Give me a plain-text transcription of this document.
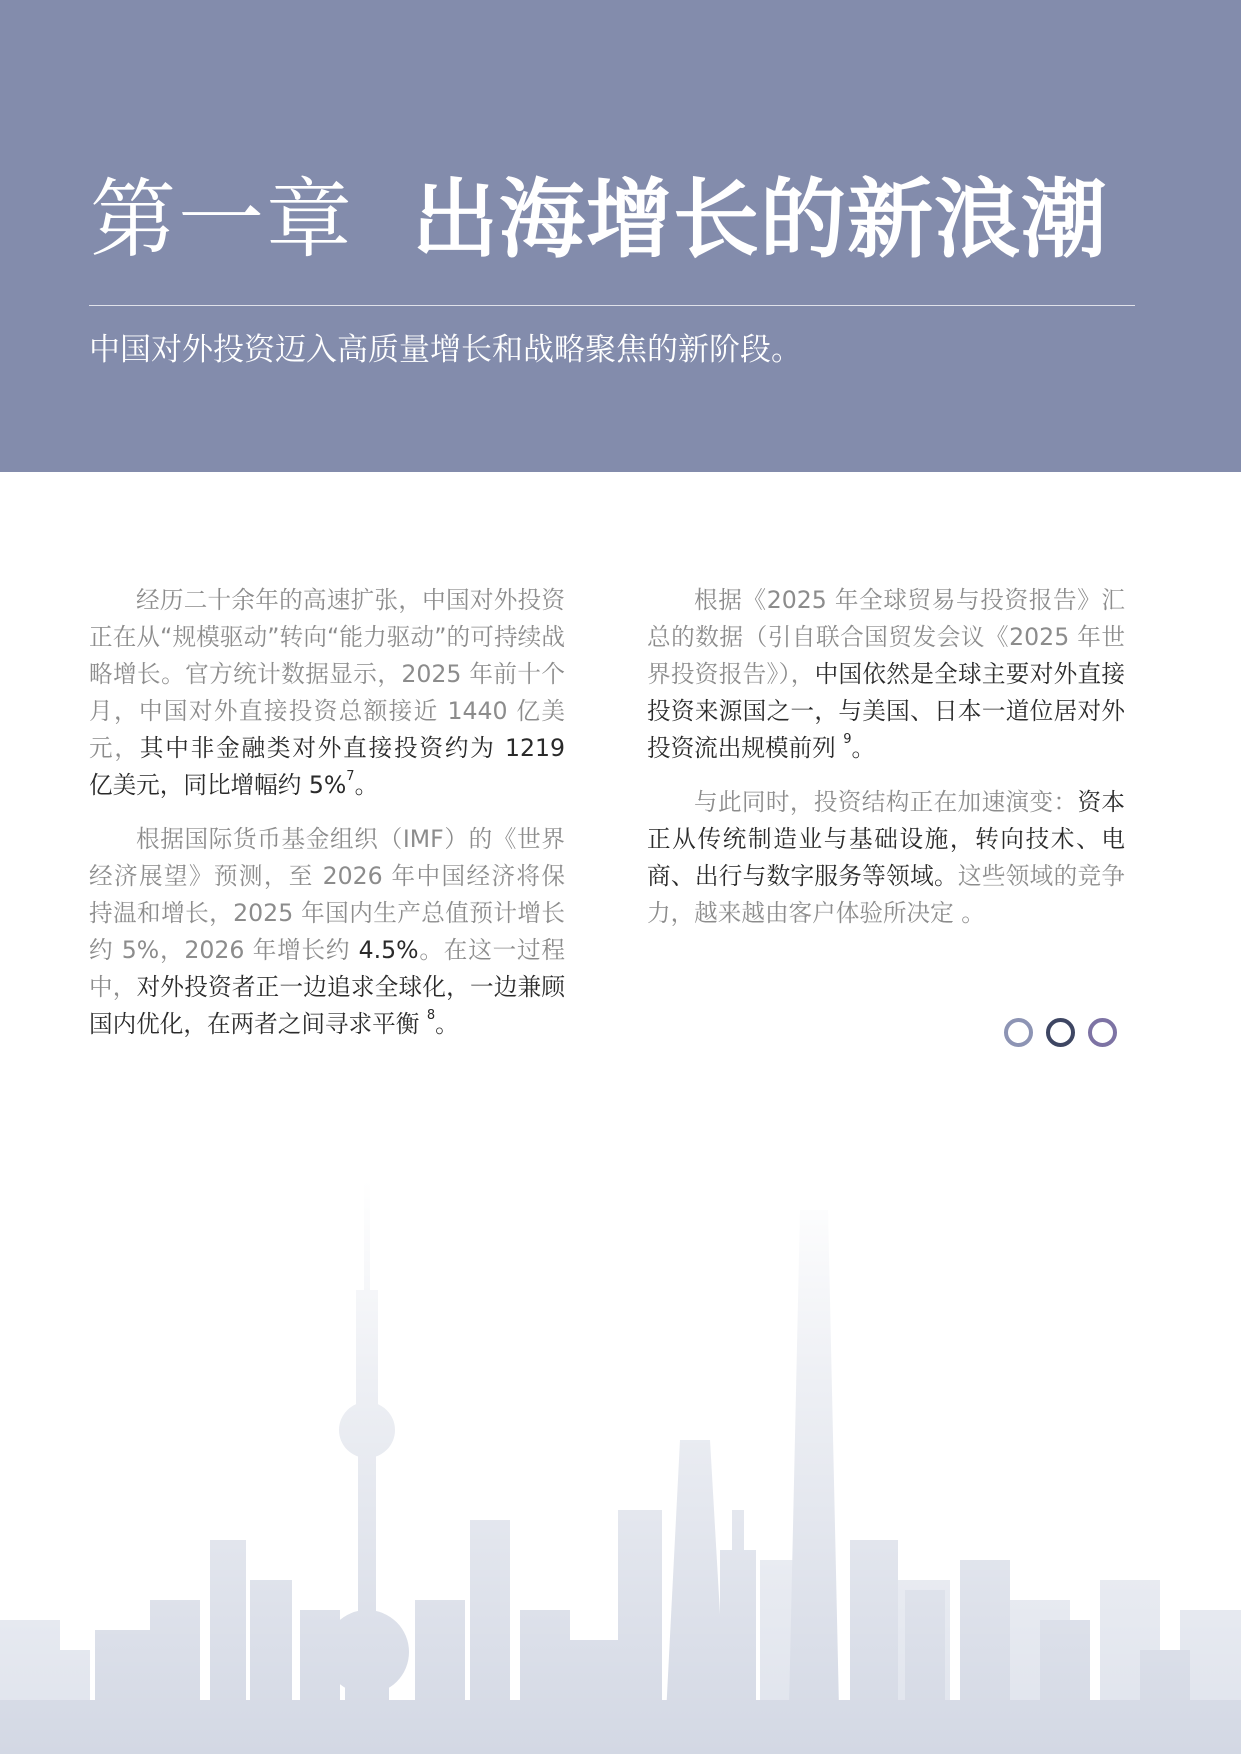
第一章 出海增长的新浪潮

中国对外投资迈入高质量增长和战略聚焦的新阶段。

经历二十余年的高速扩张，中国对外投资正在从“规模驱动”转向“能力驱动”的可持续战略增长。官方统计数据显示，2025 年前十个月，中国对外直接投资总额接近 1440 亿美元，其中非金融类对外直接投资约为 1219 亿美元，同比增幅约 5%$^7$。

根据国际货币基金组织（IMF）的《世界经济展望》预测，至 2026 年中国经济将保持温和增长，2025 年国内生产总值预计增长约 5%，2026 年增长约 4.5%。在这一过程中，对外投资者正一边追求全球化，一边兼顾国内优化，在两者之间寻求平衡 $^8$。

根据《2025 年全球贸易与投资报告》汇总的数据（引自联合国贸发会议《2025 年世界投资报告》），中国依然是全球主要对外直接投资来源国之一，与美国、日本一道位居对外投资流出规模前列 $^9$。

与此同时，投资结构正在加速演变：资本正从传统制造业与基础设施，转向技术、电商、出行与数字服务等领域。这些领域的竞争力，越来越由客户体验所决定 。
